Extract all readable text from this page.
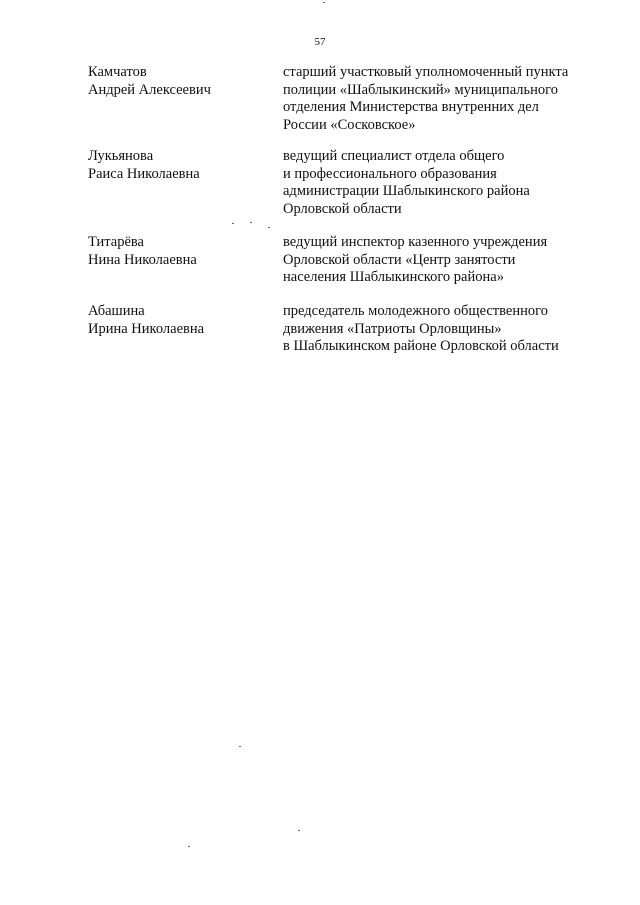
57
Камчатов
Андрей Алексеевич
старший участковый уполномоченный пункта
полиции «Шаблыкинский» муниципального
отделения Министерства внутренних дел
России «Сосковское»
Лукьянова
Раиса Николаевна
ведущий специалист отдела общего
и профессионального образования
администрации Шаблыкинского района
Орловской области
Титарёва
Нина Николаевна
ведущий инспектор казенного учреждения
Орловской области «Центр занятости
населения Шаблыкинского района»
Абашина
Ирина Николаевна
председатель молодежного общественного
движения «Патриоты Орловщины»
в Шаблыкинском районе Орловской области
